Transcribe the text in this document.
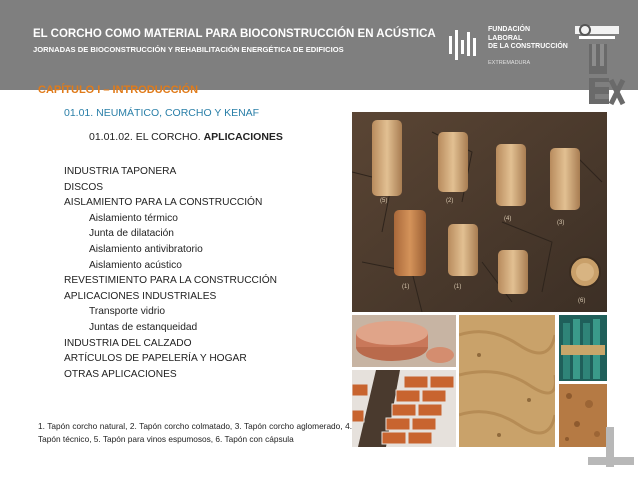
EL CORCHO COMO MATERIAL PARA BIOCONSTRUCCIÓN EN ACÚSTICA
JORNADAS DE BIOCONSTRUCCIÓN Y REHABILITACIÓN ENERGÉTICA DE EDIFICIOS
FUNDACIÓN
LABORAL
DE LA CONSTRUCCIÓN
EXTREMADURA
CAPÍTULO I – INTRODUCCIÓN
01.01. NEUMÁTICO, CORCHO Y KENAF
01.01.02. EL CORCHO. APLICACIONES
INDUSTRIA TAPONERA
DISCOS
AISLAMIENTO PARA LA CONSTRUCCIÓN
Aislamiento térmico
Junta de dilatación
Aislamiento antivibratorio
Aislamiento acústico
REVESTIMIENTO PARA LA CONSTRUCCIÓN
APLICACIONES INDUSTRIALES
Transporte vidrio
Juntas de estanqueidad
INDUSTRIA DEL CALZADO
ARTÍCULOS DE PAPELERÍA Y HOGAR
OTRAS APLICACIONES
1. Tapón corcho natural, 2. Tapón corcho colmatado, 3. Tapón corcho aglomerado, 4. Tapón técnico, 5. Tapón para vinos espumosos, 6. Tapón con cápsula
(5)	(2)
(4)
(3)
(1)	(1)
(6)
